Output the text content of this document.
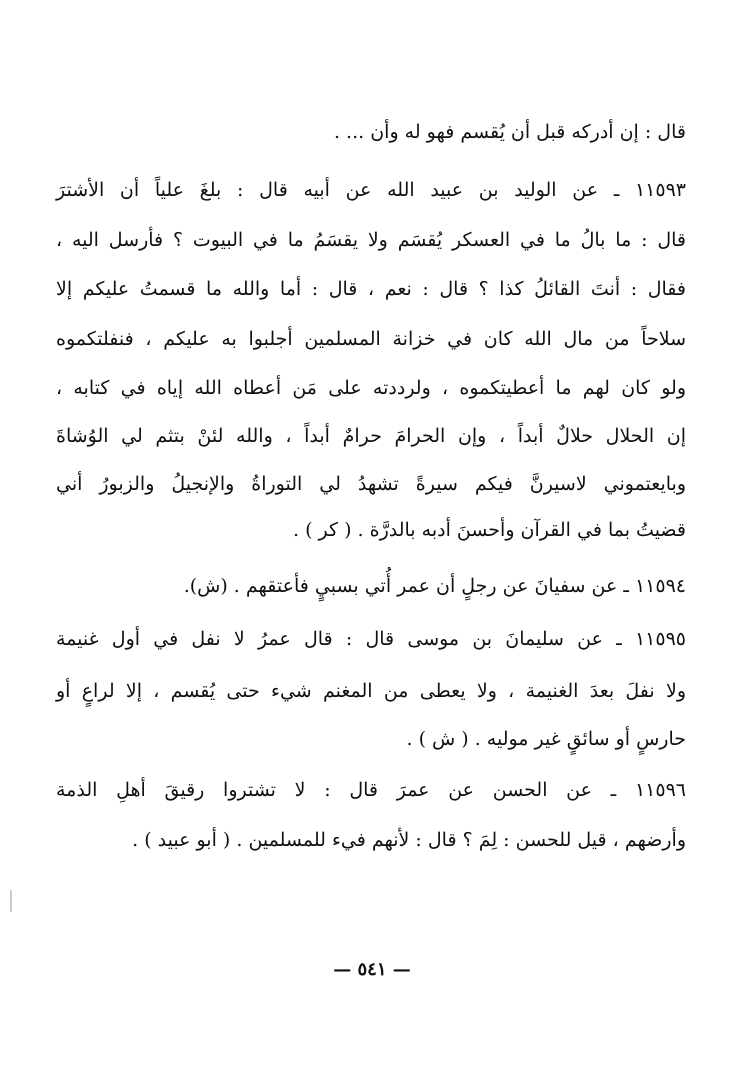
قال : إن أدركه قبل أن يُقسم فهو له وأن ... .
١١٥٩٣ ـ عن الوليد بن عبيد الله عن أبيه قال : بلغَ علياً أن الأشترَ
قال : ما بالُ ما في العسكر يُقسَم ولا يقسَمُ ما في البيوت ؟ فأرسل اليه ،
فقال : أنتَ القائلُ كذا ؟ قال : نعم ، قال : أما والله ما قسمتُ عليكم إلا
سلاحاً من مال الله كان في خزانة المسلمين أجلبوا به عليكم ، فنفلتكموه
ولو كان لهم ما أعطيتكموه ، ولرددته على مَن أعطاه الله إياه في كتابه ،
إن الحلال حلالٌ أبداً ، وإن الحرامَ حرامٌ أبداً ، والله لئنْ بتثم لي الوُشاةَ
وبايعتموني لاسيرنَّ فيكم سيرةً تشهدُ لي التوراةُ والإنجيلُ والزبورُ أني
قضيتُ بما في القرآن وأحسنَ أدبه بالدرَّة . ( كر ) .
١١٥٩٤ ـ عن سفيانَ عن رجلٍ أن عمر أُتي بسبيٍ فأعتقهم . (ش).
١١٥٩٥ ـ عن سليمانَ بن موسى قال : قال عمرُ لا نفل في أول غنيمة
ولا نفلَ بعدَ الغنيمة ، ولا يعطى من المغنم شيء حتى يُقسم ، إلا لراعٍ أو
حارسٍ أو سائقٍ غير موليه . ( ش ) .
١١٥٩٦ ـ عن الحسن عن عمرَ قال : لا تشتروا رقيقَ أهلِ الذمة
وأرضهم ، قيل للحسن : لِمَ ؟ قال : لأنهم فيء للمسلمين . ( أبو عبيد ) .
— ٥٤١ —
